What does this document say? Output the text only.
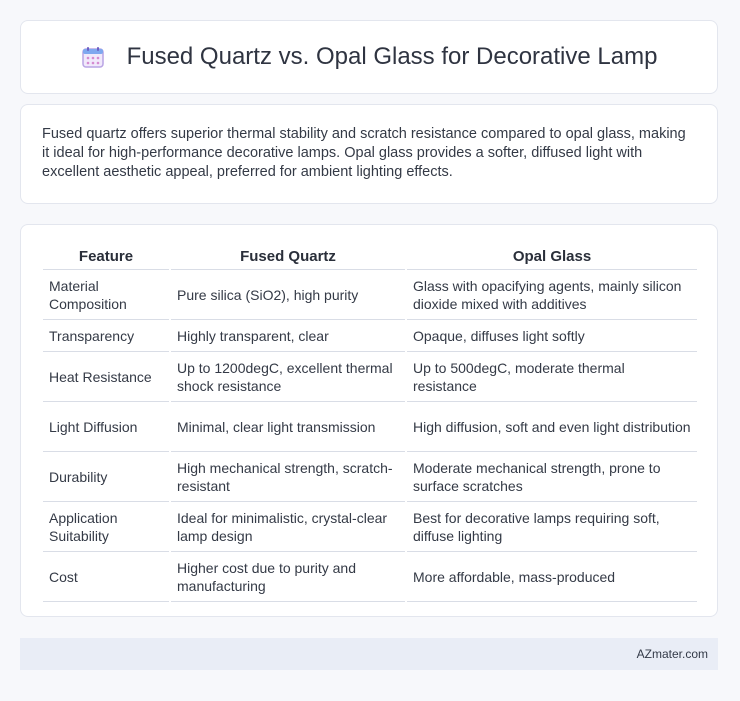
Fused Quartz vs. Opal Glass for Decorative Lamp

Fused quartz offers superior thermal stability and scratch resistance compared to opal glass, making it ideal for high-performance decorative lamps. Opal glass provides a softer, diffused light with excellent aesthetic appeal, preferred for ambient lighting effects.

Feature	Fused Quartz	Opal Glass
Material Composition	Pure silica (SiO2), high purity	Glass with opacifying agents, mainly silicon dioxide mixed with additives
Transparency	Highly transparent, clear	Opaque, diffuses light softly
Heat Resistance	Up to 1200degC, excellent thermal shock resistance	Up to 500degC, moderate thermal resistance
Light Diffusion	Minimal, clear light transmission	High diffusion, soft and even light distribution
Durability	High mechanical strength, scratch-resistant	Moderate mechanical strength, prone to surface scratches
Application Suitability	Ideal for minimalistic, crystal-clear lamp design	Best for decorative lamps requiring soft, diffuse lighting
Cost	Higher cost due to purity and manufacturing	More affordable, mass-produced
AZmater.com
